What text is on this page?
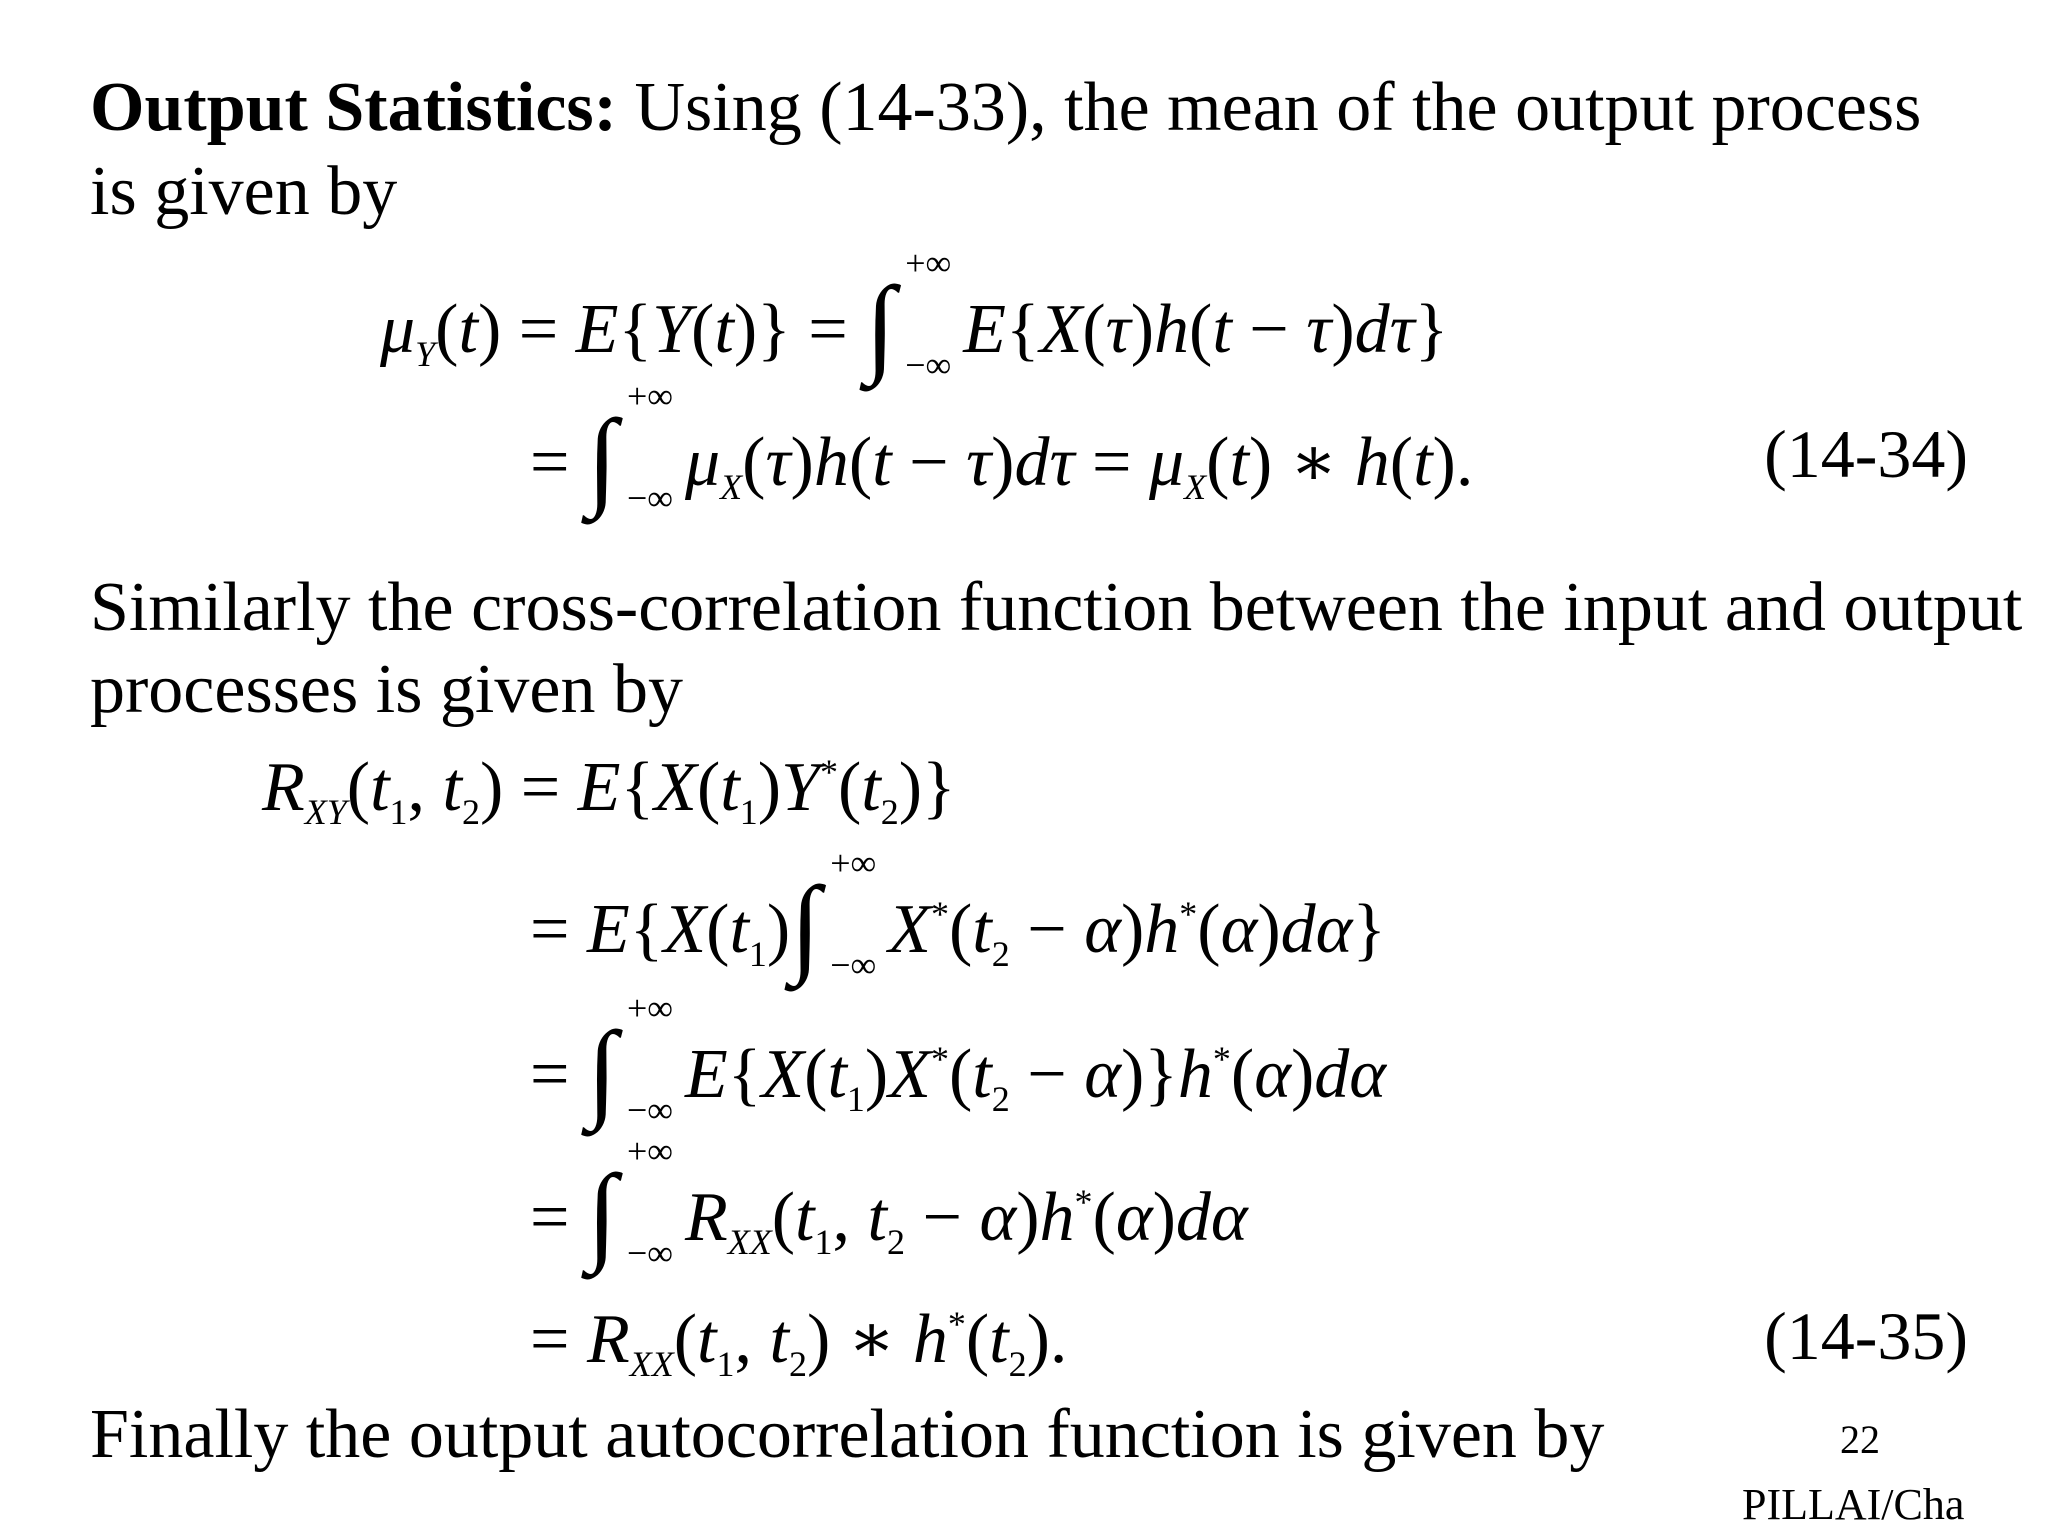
Output Statistics: Using (14-33), the mean of the output process
is given by
$\mu_Y(t) = E\{Y(t)\}$ = ∫
+∞
−∞ E{X(τ)h(t − τ)dτ}
= ∫
+∞
−∞ $\mu_X(\tau)h(t - \tau)d\tau = \mu_X(t)$ ∗ h(t).	(14-34)
Similarly the cross-correlation function between the input and output
processes is given by
$R_{XY}(t_1$, $t_2) = E\{X(t_1)Y^*(t_2)\}$
= $E\{X(t_1)\int$
+∞
−∞ $X^*(t_2 - \alpha)h^*(\alpha)d\alpha$}
= ∫
+∞
−∞ $E\{X(t_1)X^*(t_2 - \alpha)\}h^*(\alpha)d\alpha$
= ∫
+∞
−∞ $R_{XX}(t_1$, $t_2 - \alpha)h^*(\alpha)d\alpha$
= $R_{XX}(t_1$, $t_2$) ∗ $h^*(t_2)$.	(14-35)
Finally the output autocorrelation function is given by	22
PILLAI/Cha
